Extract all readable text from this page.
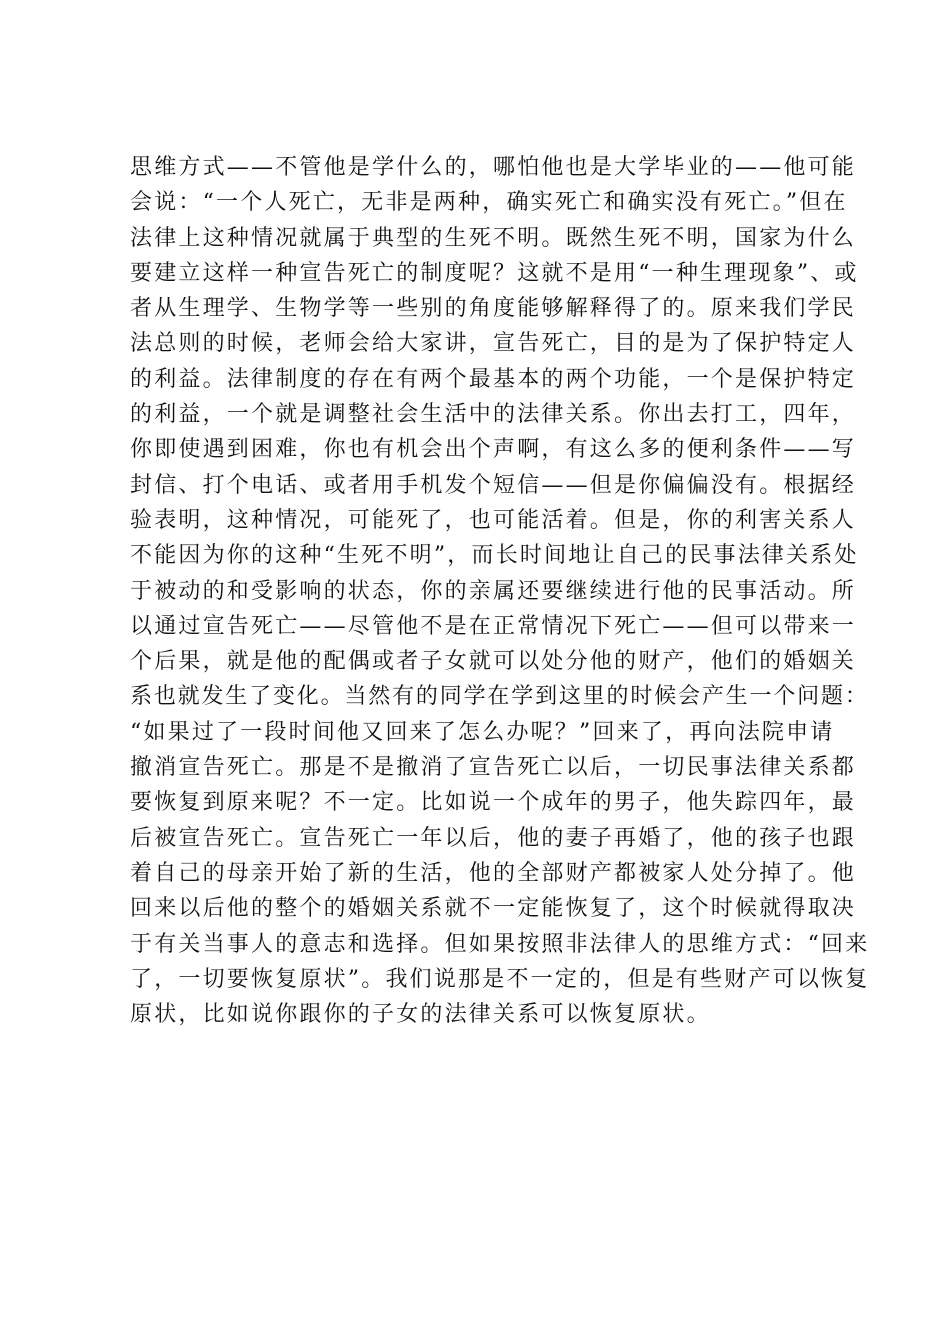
思维方式——不管他是学什么的，哪怕他也是大学毕业的——他可能
会说：“一个人死亡，无非是两种，确实死亡和确实没有死亡。”但在
法律上这种情况就属于典型的生死不明。既然生死不明，国家为什么
要建立这样一种宣告死亡的制度呢？这就不是用“一种生理现象”、或
者从生理学、生物学等一些别的角度能够解释得了的。原来我们学民
法总则的时候，老师会给大家讲，宣告死亡，目的是为了保护特定人
的利益。法律制度的存在有两个最基本的两个功能，一个是保护特定
的利益，一个就是调整社会生活中的法律关系。你出去打工，四年，
你即使遇到困难，你也有机会出个声啊，有这么多的便利条件——写
封信、打个电话、或者用手机发个短信——但是你偏偏没有。根据经
验表明，这种情况，可能死了，也可能活着。但是，你的利害关系人
不能因为你的这种“生死不明”，而长时间地让自己的民事法律关系处
于被动的和受影响的状态，你的亲属还要继续进行他的民事活动。所
以通过宣告死亡——尽管他不是在正常情况下死亡——但可以带来一
个后果，就是他的配偶或者子女就可以处分他的财产，他们的婚姻关
系也就发生了变化。当然有的同学在学到这里的时候会产生一个问题：
“如果过了一段时间他又回来了怎么办呢？”回来了，再向法院申请
撤消宣告死亡。那是不是撤消了宣告死亡以后，一切民事法律关系都
要恢复到原来呢？不一定。比如说一个成年的男子，他失踪四年，最
后被宣告死亡。宣告死亡一年以后，他的妻子再婚了，他的孩子也跟
着自己的母亲开始了新的生活，他的全部财产都被家人处分掉了。他
回来以后他的整个的婚姻关系就不一定能恢复了，这个时候就得取决
于有关当事人的意志和选择。但如果按照非法律人的思维方式：“回来
了，一切要恢复原状”。我们说那是不一定的，但是有些财产可以恢复
原状，比如说你跟你的子女的法律关系可以恢复原状。
